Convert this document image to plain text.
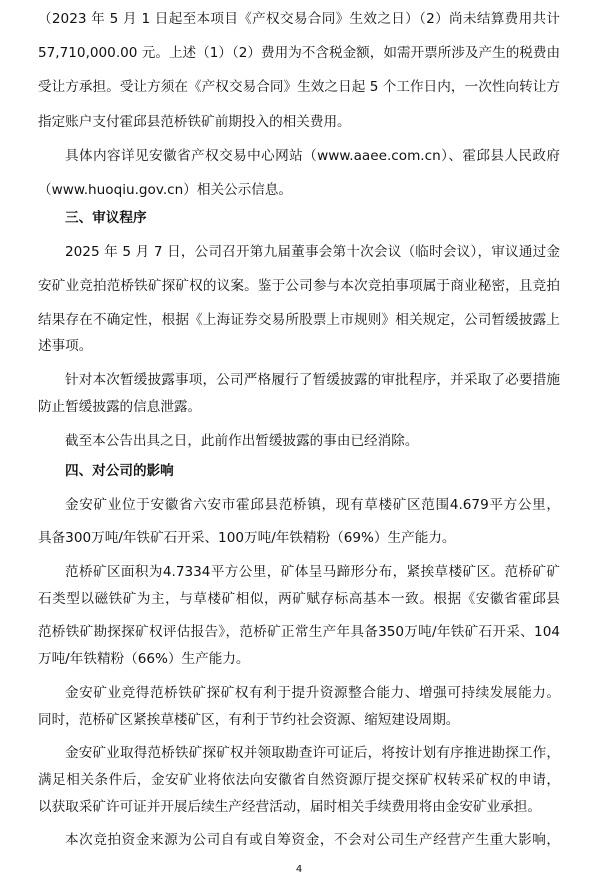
（2023 年 5 月 1 日起至本项目《产权交易合同》生效之日）（2）尚未结算费用共计
57,710,000.00 元。上述（1）（2）费用为不含税金额，如需开票所涉及产生的税费由
受让方承担。受让方须在《产权交易合同》生效之日起 5 个工作日内，一次性向转让方
指定账户支付霍邱县范桥铁矿前期投入的相关费用。
具体内容详见安徽省产权交易中心网站（www.aaee.com.cn）、霍邱县人民政府
（www.huoqiu.gov.cn）相关公示信息。
三、审议程序
2025 年 5 月 7 日，公司召开第九届董事会第十次会议（临时会议），审议通过金
安矿业竞拍范桥铁矿探矿权的议案。鉴于公司参与本次竞拍事项属于商业秘密，且竞拍
结果存在不确定性，根据《上海证券交易所股票上市规则》相关规定，公司暂缓披露上
述事项。
针对本次暂缓披露事项，公司严格履行了暂缓披露的审批程序，并采取了必要措施
防止暂缓披露的信息泄露。
截至本公告出具之日，此前作出暂缓披露的事由已经消除。
四、对公司的影响
金安矿业位于安徽省六安市霍邱县范桥镇，现有草楼矿区范围4.679平方公里，
具备300万吨/年铁矿石开采、100万吨/年铁精粉（69%）生产能力。
范桥矿区面积为4.7334平方公里，矿体呈马蹄形分布，紧挨草楼矿区。范桥矿矿
石类型以磁铁矿为主，与草楼矿相似，两矿赋存标高基本一致。根据《安徽省霍邱县
范桥铁矿勘探探矿权评估报告》，范桥矿正常生产年具备350万吨/年铁矿石开采、104
万吨/年铁精粉（66%）生产能力。
金安矿业竞得范桥铁矿探矿权有利于提升资源整合能力、增强可持续发展能力。
同时，范桥矿区紧挨草楼矿区，有利于节约社会资源、缩短建设周期。
金安矿业取得范桥铁矿探矿权并领取勘查许可证后，将按计划有序推进勘探工作，
满足相关条件后，金安矿业将依法向安徽省自然资源厅提交探矿权转采矿权的申请，
以获取采矿许可证并开展后续生产经营活动，届时相关手续费用将由金安矿业承担。
本次竞拍资金来源为公司自有或自筹资金，不会对公司生产经营产生重大影响，
4
